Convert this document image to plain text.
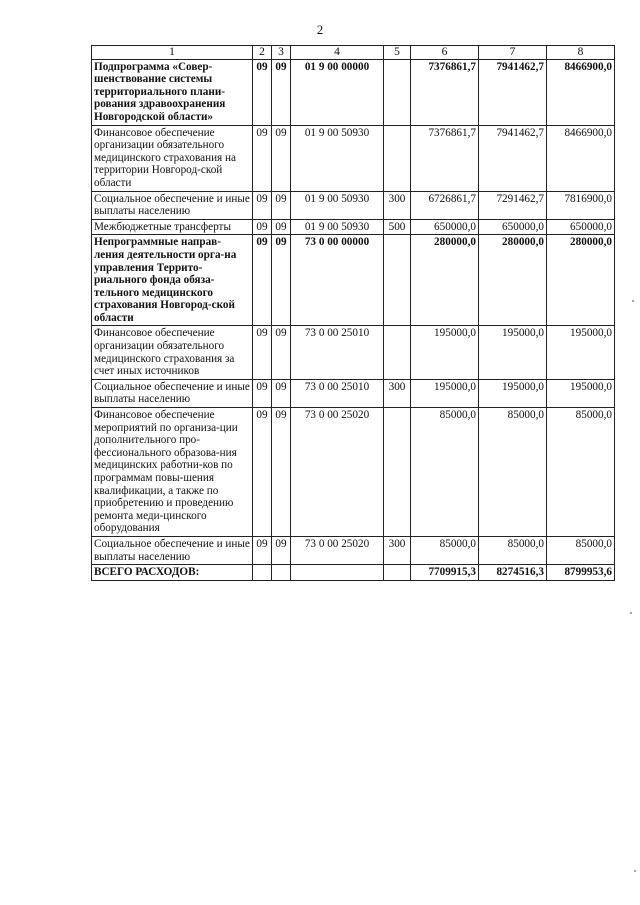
2
1	2	3	4	5	6	7	8
Подпрограмма «Совер-шенствование системы территориального плани-рования здравоохранения Новгородской области»	09	09	01 9 00 00000		7376861,7	7941462,7	8466900,0
Финансовое обеспечение организации обязательного медицинского страхования на территории Новгород-ской области	09	09	01 9 00 50930		7376861,7	7941462,7	8466900,0
Социальное обеспечение и иные выплаты населению	09	09	01 9 00 50930	300	6726861,7	7291462,7	7816900,0
Межбюджетные трансферты	09	09	01 9 00 50930	500	650000,0	650000,0	650000,0
Непрограммные направ-ления деятельности орга-на управления Террито-риального фонда обяза-тельного медицинского страхования Новгород-ской области	09	09	73 0 00 00000		280000,0	280000,0	280000,0
Финансовое обеспечение организации обязательного медицинского страхования за счет иных источников	09	09	73 0 00 25010		195000,0	195000,0	195000,0
Социальное обеспечение и иные выплаты населению	09	09	73 0 00 25010	300	195000,0	195000,0	195000,0
Финансовое обеспечение мероприятий по организа-ции дополнительного про-фессионального образова-ния медицинских работни-ков по программам повы-шения квалификации, а также по приобретению и проведению ремонта меди-цинского оборудования	09	09	73 0 00 25020		85000,0	85000,0	85000,0
Социальное обеспечение и иные выплаты населению	09	09	73 0 00 25020	300	85000,0	85000,0	85000,0
ВСЕГО РАСХОДОВ:					7709915,3	8274516,3	8799953,6
